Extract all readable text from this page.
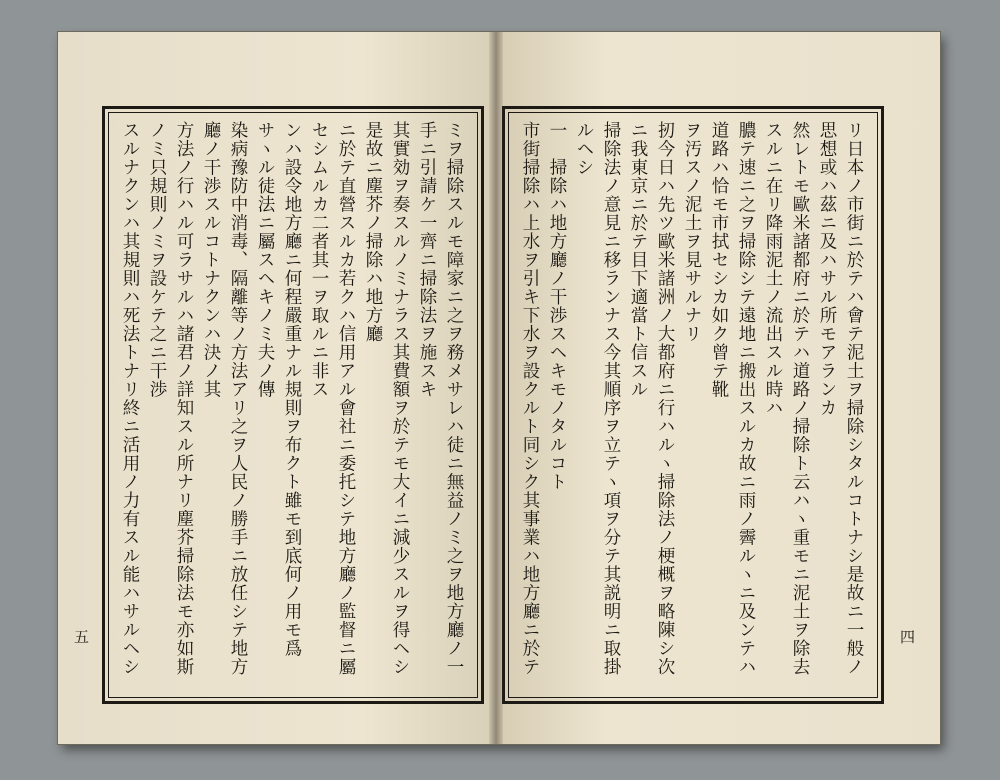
ミヲ掃除スルモ障家ニ之ヲ務メサレハ徒ニ無益ノミ之ヲ地方廳ノ一手ニ引請ケ一齊ニ掃除法ヲ施スキ

其實効ヲ奏スルノミナラス其費額ヲ於テモ大イニ減少スルヲ得ヘシ是故ニ塵芥ノ掃除ハ地方廳

ニ於テ直營スルカ若クハ信用アル會社ニ委托シテ地方廳ノ監督ニ屬セシムルカ二者其一ヲ取ルニ非ス

ンハ設令地方廳ニ何程嚴重ナル規則ヲ布クト雖モ到底何ノ用モ爲サヽル徒法ニ屬スヘキノミ夫ノ傳

染病豫防中消毒、隔離等ノ方法アリ之ヲ人民ノ勝手ニ放任シテ地方廳ノ干渉スルコトナクンハ決ノ其

方法ノ行ハル可ラサルハ諸君ノ詳知スル所ナリ塵芥掃除法モ亦如斯ノミ只規則ノミヲ設ケテ之ニ干渉

スルナクンハ其規則ハ死法トナリ終ニ活用ノ力有スル能ハサルヘシ

五	リ日本ノ市街ニ於テハ會テ泥土ヲ掃除シタルコトナシ是故ニ一般ノ思想或ハ茲ニ及ハサル所モアランカ

然レトモ歐米諸都府ニ於テハ道路ノ掃除ト云ハヽ重モニ泥土ヲ除去スルニ在リ降雨泥土ノ流出スル時ハ

膿テ速ニ之ヲ掃除シテ遠地ニ搬出スルカ故ニ雨ノ霽ルヽニ及ンテハ道路ハ恰モ市拭セシカ如ク曾テ靴

ヲ汚スノ泥土ヲ見サルナリ

扨今日ハ先ツ歐米諸洲ノ大都府ニ行ハルヽ掃除法ノ梗概ヲ略陳シ次ニ我東京ニ於テ目下適當ト信スル

掃除法ノ意見ニ移ランナス今其順序ヲ立テヽ項ヲ分テ其説明ニ取掛ルヘシ

一　掃除ハ地方廳ノ干渉スヘキモノタルコト

市街掃除ハ上水ヲ引キ下水ヲ設クルト同シク其事業ハ地方廳ニ於テ

四
